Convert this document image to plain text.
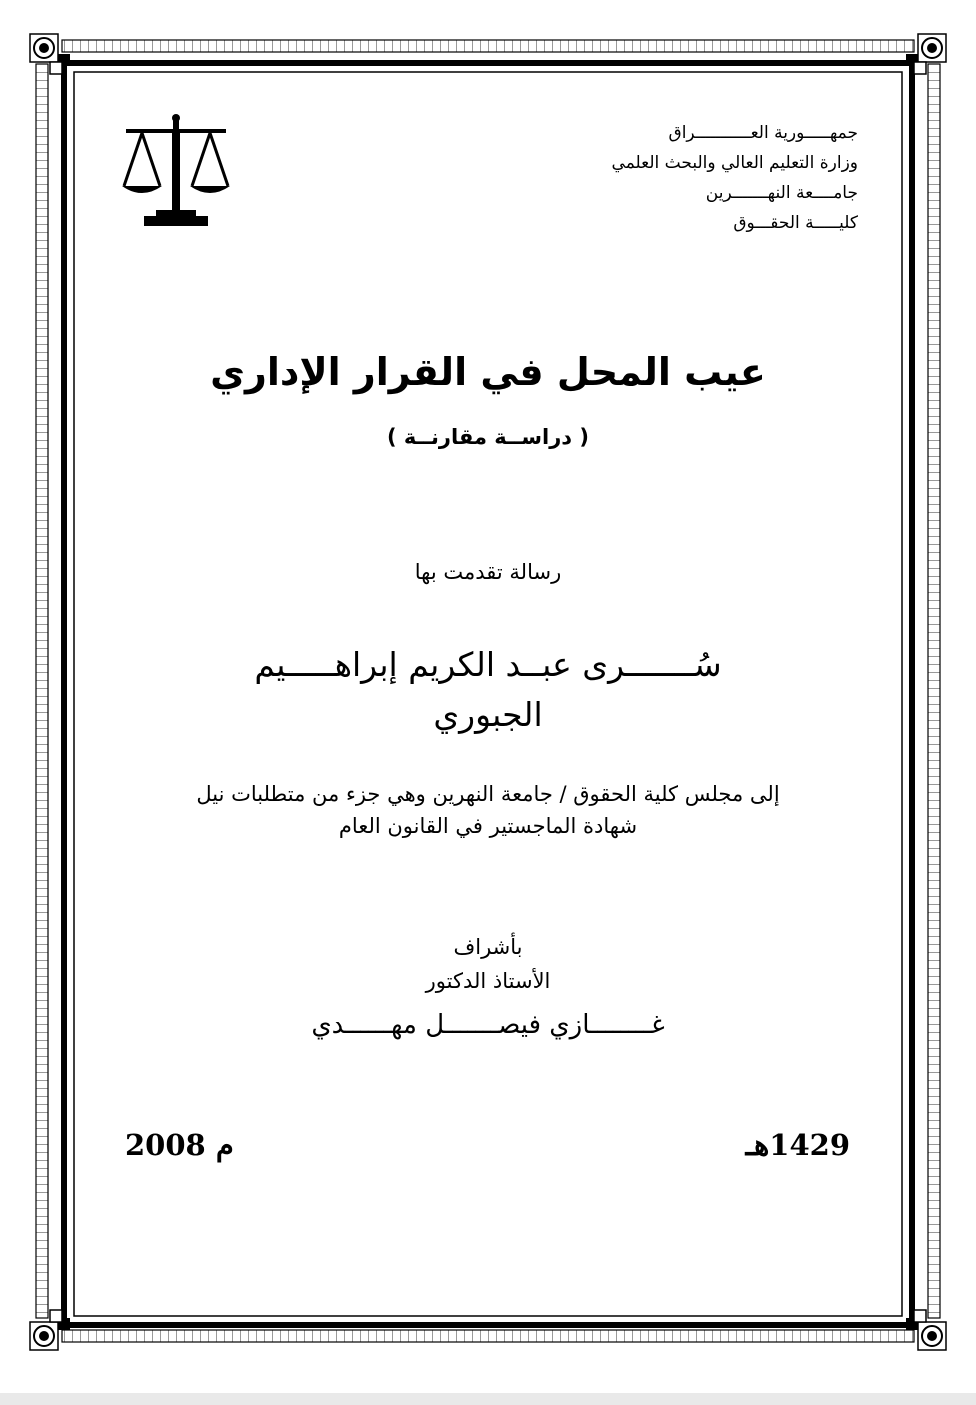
جمهـــــورية العـــــــــــراق
وزارة التعليم العالي والبحث العلمي
جامــــعة النهـــــــرين
كليـــــة الحقـــوق
عيب المحل في القرار الإداري
( دراســة مقارنــة )
رسالة تقدمت بها
سُـــــــرى عبــد الكريم إبراهـــــيم
الجبوري
إلى مجلس كلية الحقوق / جامعة النهرين وهي جزء من متطلبات نيل
شهادة الماجستير في القانون العام
بأشراف
الأستاذ الدكتور
غــــــــازي فيصـــــــل مهــــــدي
1429هـ
2008 م
